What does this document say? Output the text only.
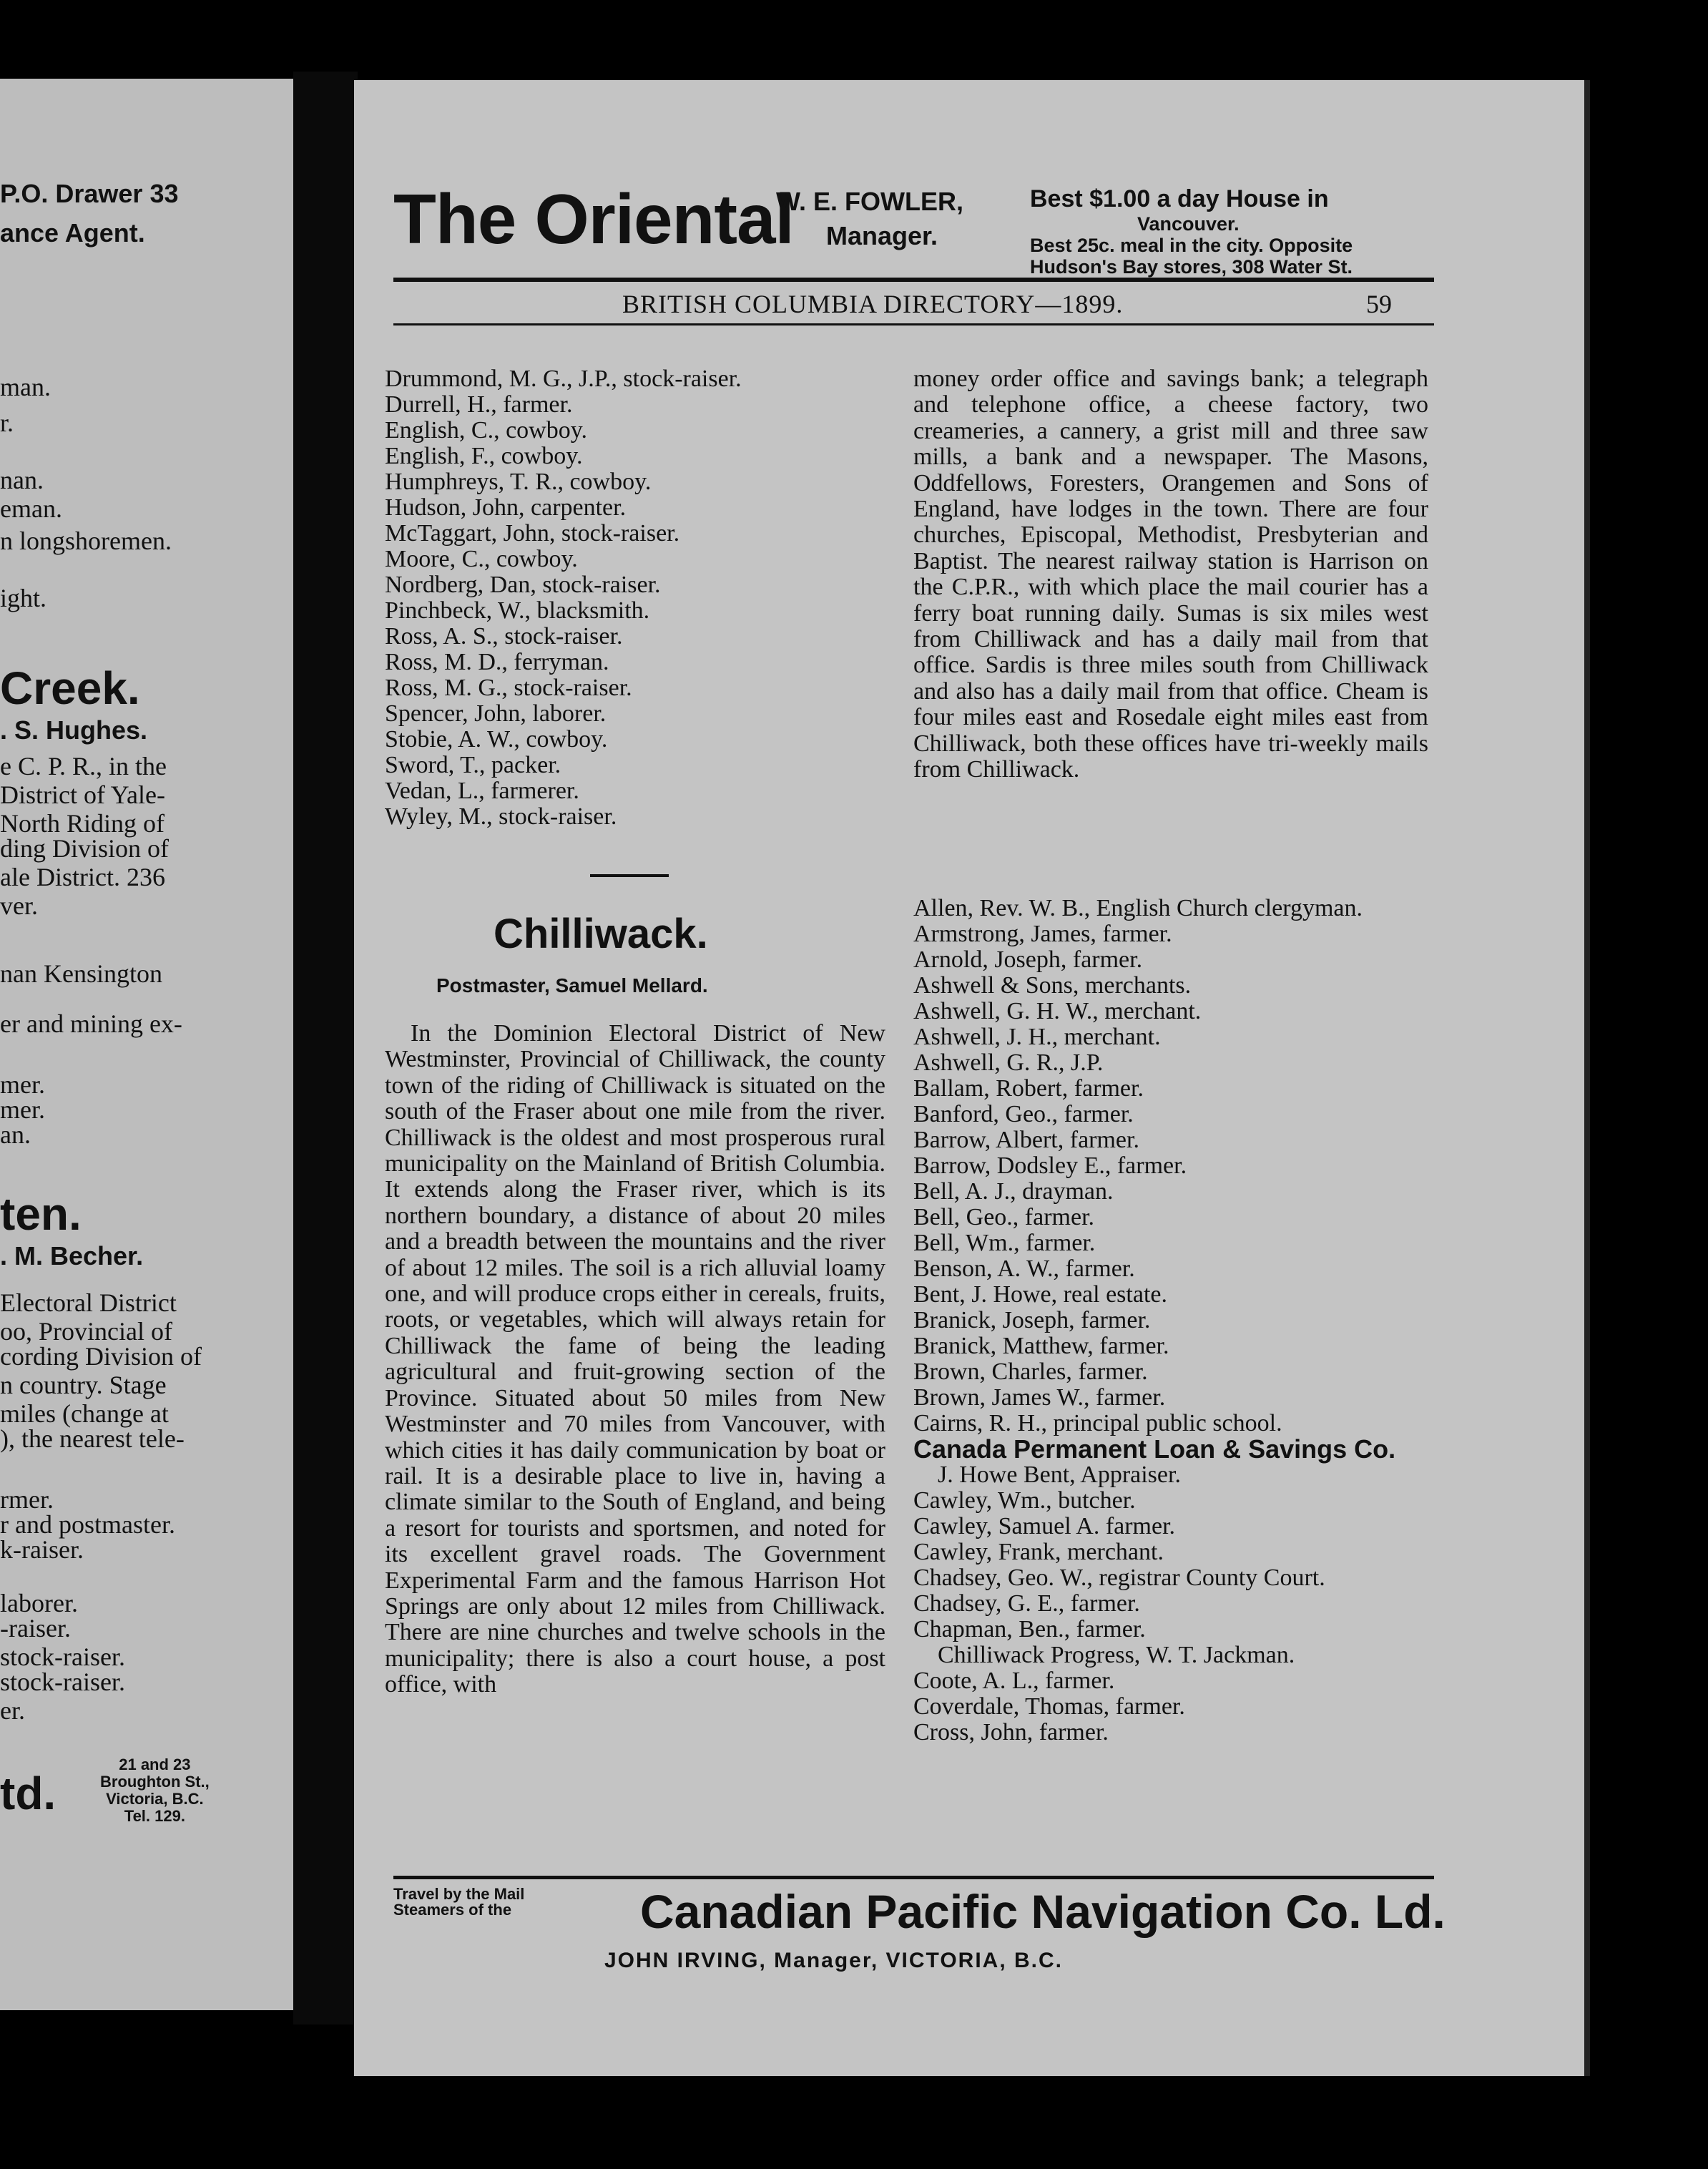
P.O. Drawer 33
ance Agent.
man.
r.
nan.
eman.
n longshoremen.
ight.
Creek.
. S. Hughes.
e C. P. R., in the
District of Yale-
North Riding of
ding Division of
ale District. 236
ver.
nan Kensington
er and mining ex-
mer.
mer.
an.
ten.
. M. Becher.
Electoral District
oo, Provincial of
cording Division of
n country. Stage
miles (change at
), the nearest tele-
rmer.
r and postmaster.
k-raiser.
laborer.
-raiser.
stock-raiser.
stock-raiser.
er.
td.
21 and 23
Broughton St.,
Victoria, B.C.
Tel. 129.
The Oriental
W. E. FOWLER,
Manager.
Best $1.00 a day House in
Vancouver.
Best 25c. meal in the city. Opposite
Hudson's Bay stores, 308 Water St.
BRITISH COLUMBIA DIRECTORY—1899.	59
Drummond, M. G., J.P., stock-raiser.
Durrell, H., farmer.
English, C., cowboy.
English, F., cowboy.
Humphreys, T. R., cowboy.
Hudson, John, carpenter.
McTaggart, John, stock-raiser.
Moore, C., cowboy.
Nordberg, Dan, stock-raiser.
Pinchbeck, W., blacksmith.
Ross, A. S., stock-raiser.
Ross, M. D., ferryman.
Ross, M. G., stock-raiser.
Spencer, John, laborer.
Stobie, A. W., cowboy.
Sword, T., packer.
Vedan, L., farmerer.
Wyley, M., stock-raiser.
Chilliwack.
Postmaster, Samuel Mellard.
In the Dominion Electoral District of New Westminster, Provincial of Chilliwack, the county town of the riding of Chilliwack is situated on the south of the Fraser about one mile from the river. Chilliwack is the oldest and most prosperous rural municipality on the Mainland of British Columbia. It extends along the Fraser river, which is its northern boundary, a distance of about 20 miles and a breadth between the mountains and the river of about 12 miles. The soil is a rich alluvial loamy one, and will produce crops either in cereals, fruits, roots, or vegetables, which will always retain for Chilliwack the fame of being the leading agricultural and fruit-growing section of the Province. Situated about 50 miles from New Westminster and 70 miles from Vancouver, with which cities it has daily communication by boat or rail. It is a desirable place to live in, having a climate similar to the South of England, and being a resort for tourists and sportsmen, and noted for its excellent gravel roads. The Government Experimental Farm and the famous Harrison Hot Springs are only about 12 miles from Chilliwack. There are nine churches and twelve schools in the municipality; there is also a court house, a post office, with
money order office and savings bank; a telegraph and telephone office, a cheese factory, two creameries, a cannery, a grist mill and three saw mills, a bank and a newspaper. The Masons, Oddfellows, Foresters, Orangemen and Sons of England, have lodges in the town. There are four churches, Episcopal, Methodist, Presbyterian and Baptist. The nearest railway station is Harrison on the C.P.R., with which place the mail courier has a ferry boat running daily. Sumas is six miles west from Chilliwack and has a daily mail from that office. Sardis is three miles south from Chilliwack and also has a daily mail from that office. Cheam is four miles east and Rosedale eight miles east from Chilliwack, both these offices have tri-weekly mails from Chilliwack.
Allen, Rev. W. B., English Church clergyman.
Armstrong, James, farmer.
Arnold, Joseph, farmer.
Ashwell & Sons, merchants.
Ashwell, G. H. W., merchant.
Ashwell, J. H., merchant.
Ashwell, G. R., J.P.
Ballam, Robert, farmer.
Banford, Geo., farmer.
Barrow, Albert, farmer.
Barrow, Dodsley E., farmer.
Bell, A. J., drayman.
Bell, Geo., farmer.
Bell, Wm., farmer.
Benson, A. W., farmer.
Bent, J. Howe, real estate.
Branick, Joseph, farmer.
Branick, Matthew, farmer.
Brown, Charles, farmer.
Brown, James W., farmer.
Cairns, R. H., principal public school.
Canada Permanent Loan & Savings Co.
J. Howe Bent, Appraiser.
Cawley, Wm., butcher.
Cawley, Samuel A. farmer.
Cawley, Frank, merchant.
Chadsey, Geo. W., registrar County Court.
Chadsey, G. E., farmer.
Chapman, Ben., farmer.
Chilliwack Progress, W. T. Jackman.
Coote, A. L., farmer.
Coverdale, Thomas, farmer.
Cross, John, farmer.
Travel by the Mail
Steamers of the	Canadian Pacific Navigation Co. Ld.
JOHN IRVING, Manager, VICTORIA, B.C.
